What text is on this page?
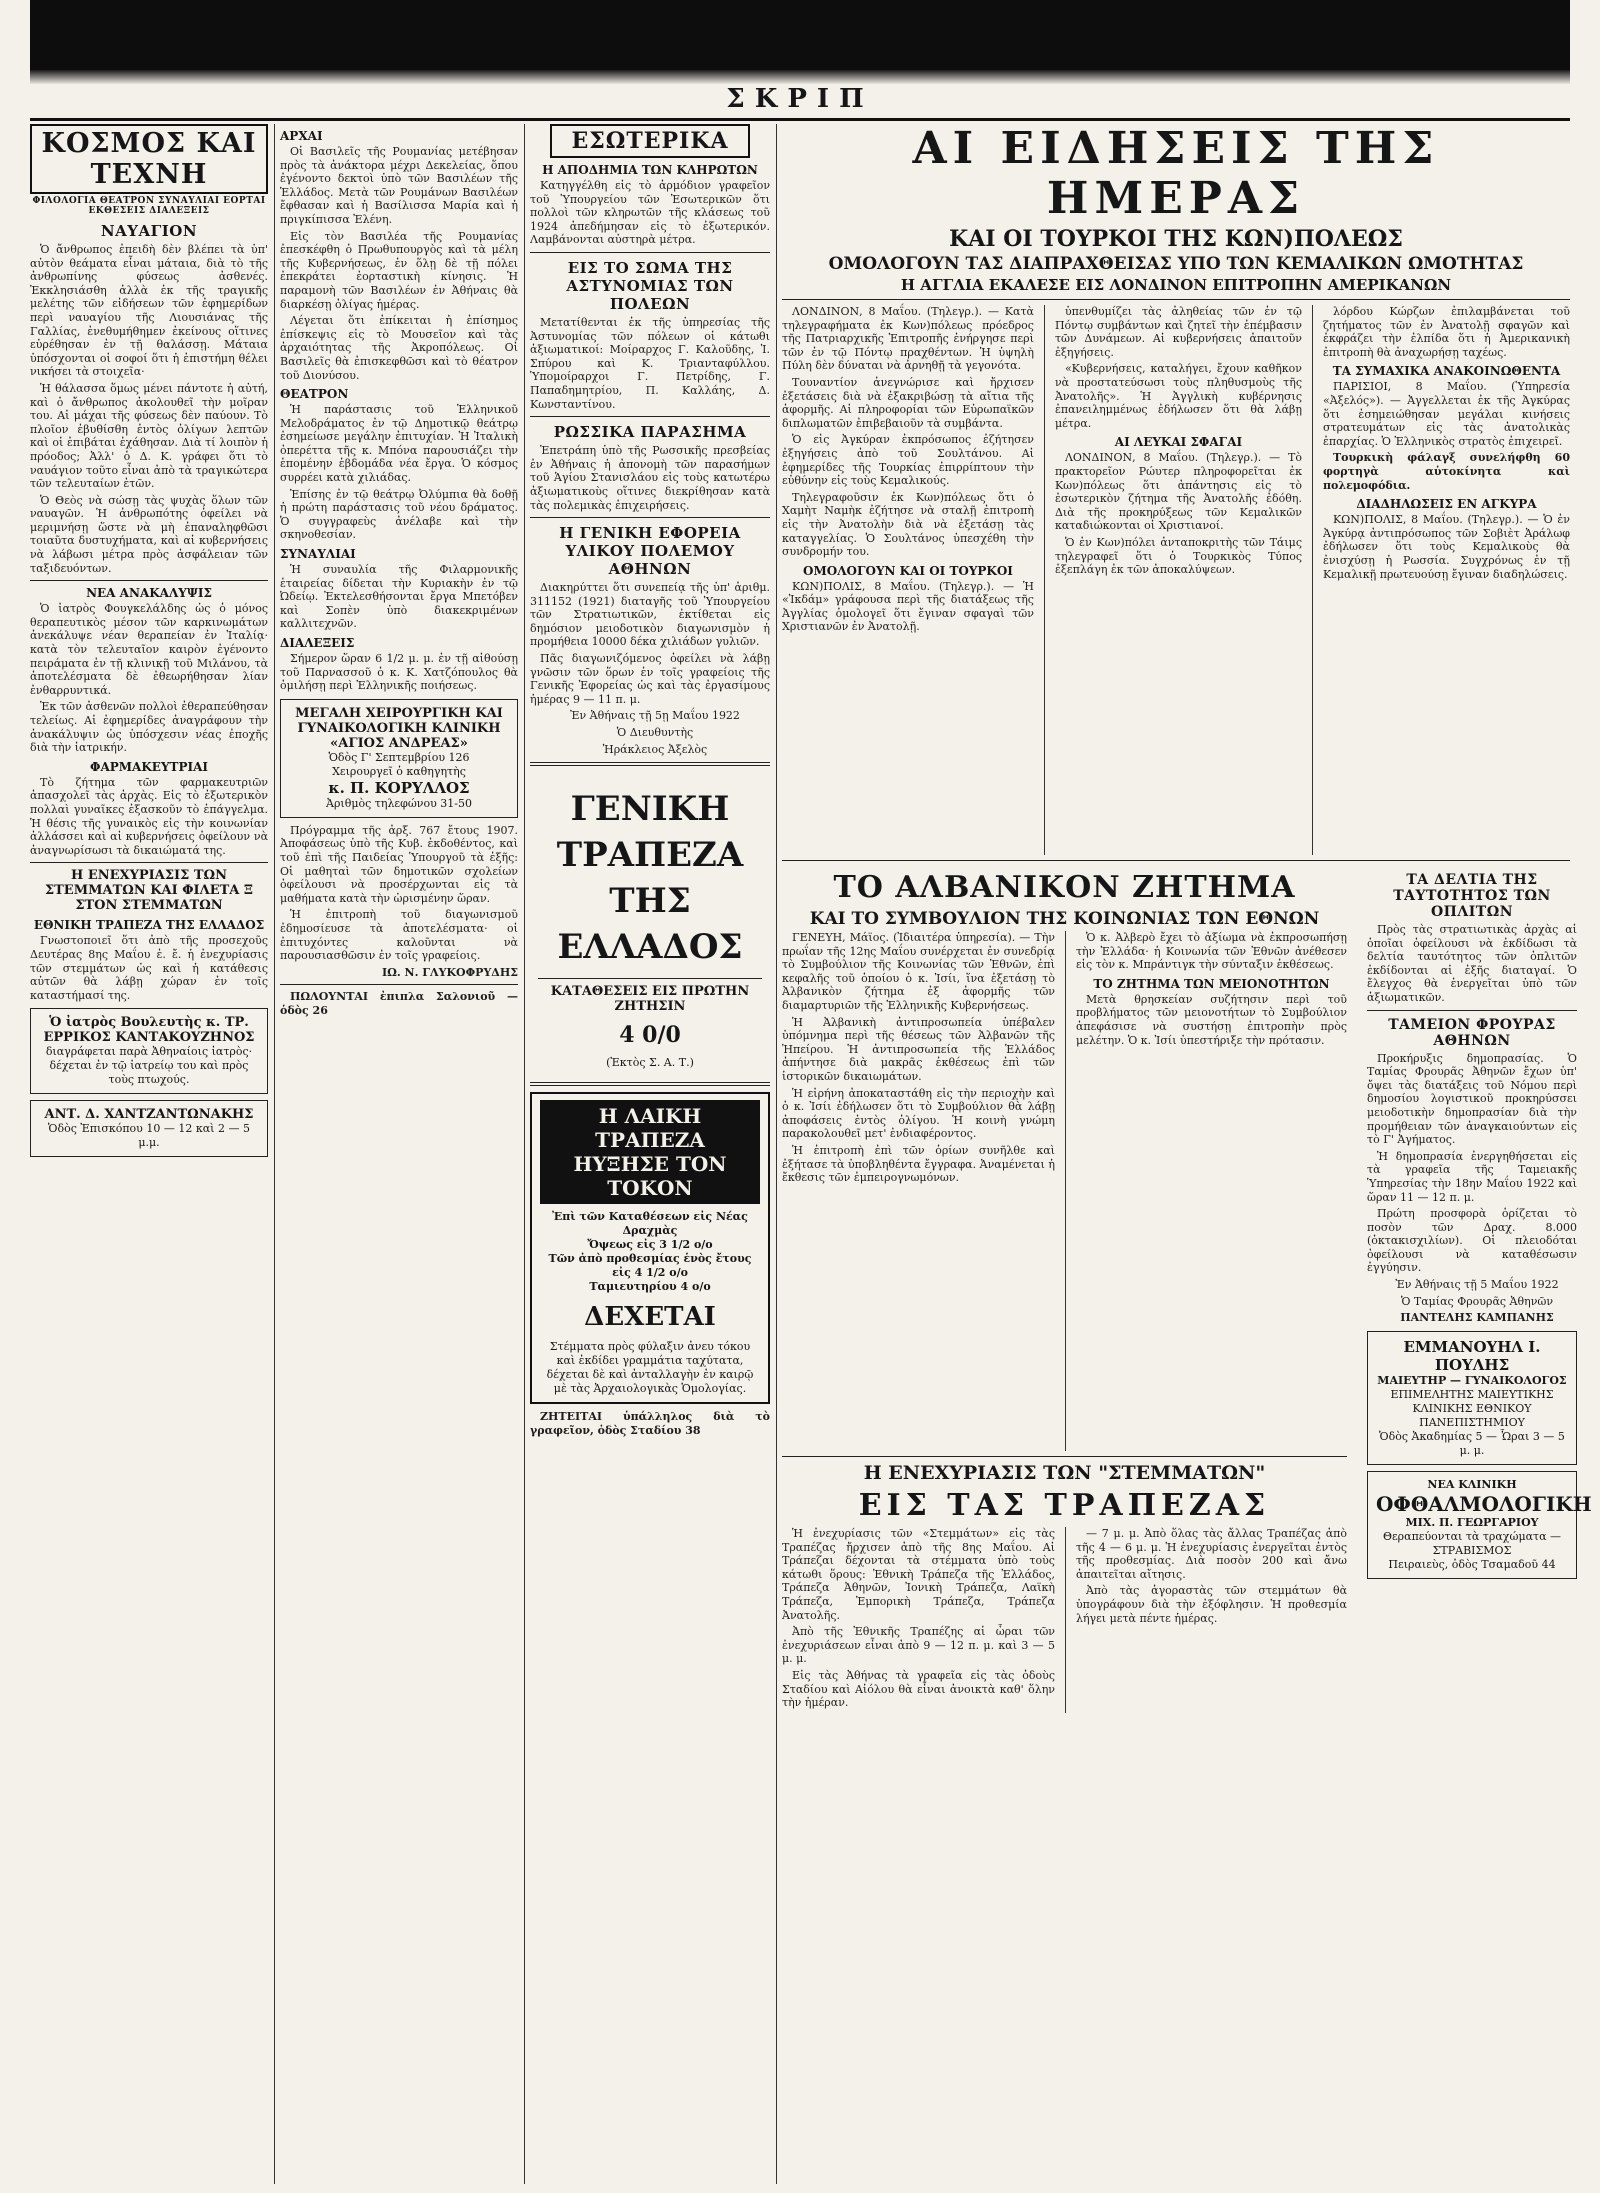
ΣΚΡΙΠ
ΚΟΣΜΟΣ ΚΑΙ ΤΕΧΝΗ
ΦΙΛΟΛΟΓΙΑ ΘΕΑΤΡΟΝ ΣΥΝΑΥΛΙΑΙ ΕΟΡΤΑΙ ΕΚΘΕΣΕΙΣ ΔΙΑΛΕΞΕΙΣ
ΝΑΥΑΓΙΟΝ

Ὁ ἄνθρωπος ἐπειδὴ δὲν βλέπει τὰ ὑπ' αὐτὸν θεάματα εἶναι μάταια, διὰ τὸ τῆς ἀνθρωπίνης φύσεως ἀσθενές. Ἐκκλησιάσθη ἀλλὰ ἐκ τῆς τραγικῆς μελέτης τῶν εἰδήσεων τῶν ἐφημερίδων περὶ ναυαγίου τῆς Λιουσιάνας τῆς Γαλλίας, ἐνεθυμήθημεν ἐκείνους οἵτινες εὑρέθησαν ἐν τῇ θαλάσσῃ. Μάταια ὑπόσχονται οἱ σοφοί ὅτι ἡ ἐπιστήμη θέλει νικήσει τὰ στοιχεῖα·

Ἡ θάλασσα ὅμως μένει πάντοτε ἡ αὐτή, καὶ ὁ ἄνθρωπος ἀκολουθεῖ τὴν μοῖραν του. Αἱ μάχαι τῆς φύσεως δὲν παύουν. Τὸ πλοῖον ἐβυθίσθη ἐντὸς ὀλίγων λεπτῶν καὶ οἱ ἐπιβάται ἐχάθησαν. Διὰ τί λοιπὸν ἡ πρόοδος; Ἀλλ' ὁ Δ. Κ. γράφει ὅτι τὸ ναυάγιον τοῦτο εἶναι ἀπὸ τὰ τραγικώτερα τῶν τελευταίων ἐτῶν.

Ὁ Θεὸς νὰ σώσῃ τὰς ψυχὰς ὅλων τῶν ναυαγῶν. Ἡ ἀνθρωπότης ὀφείλει νὰ μεριμνήσῃ ὥστε νὰ μὴ ἐπαναληφθῶσι τοιαῦτα δυστυχήματα, καὶ αἱ κυβερνήσεις νὰ λάβωσι μέτρα πρὸς ἀσφάλειαν τῶν ταξιδευόντων.

ΝΕΑ ΑΝΑΚΑΛΥΨΙΣ

Ὁ ἰατρὸς Φουγκελάλδης ὡς ὁ μόνος θεραπευτικὸς μέσον τῶν καρκινωμάτων ἀνεκάλυψε νέαν θεραπείαν ἐν Ἰταλίᾳ· κατὰ τὸν τελευταῖον καιρὸν ἐγένοντο πειράματα ἐν τῇ κλινικῇ τοῦ Μιλάνου, τὰ ἀποτελέσματα δὲ ἐθεωρήθησαν λίαν ἐνθαρρυντικά.

Ἐκ τῶν ἀσθενῶν πολλοὶ ἐθεραπεύθησαν τελείως. Αἱ ἐφημερίδες ἀναγράφουν τὴν ἀνακάλυψιν ὡς ὑπόσχεσιν νέας ἐποχῆς διὰ τὴν ἰατρικήν.

ΦΑΡΜΑΚΕΥΤΡΙΑΙ

Τὸ ζήτημα τῶν φαρμακευτριῶν ἀπασχολεῖ τὰς ἀρχὰς. Εἰς τὸ ἐξωτερικὸν πολλαὶ γυναῖκες ἐξασκοῦν τὸ ἐπάγγελμα. Ἡ θέσις τῆς γυναικὸς εἰς τὴν κοινωνίαν ἀλλάσσει καὶ αἱ κυβερνήσεις ὀφείλουν νὰ ἀναγνωρίσωσι τὰ δικαιώματά της.

Η ΕΝΕΧΥΡΙΑΣΙΣ ΤΩΝ ΣΤΕΜΜΑΤΩΝ ΚΑΙ ΦΙΛΕΤΑ Ξ ΣΤΟΝ ΣΤΕΜΜΑΤΩΝ
ΕΘΝΙΚΗ ΤΡΑΠΕΖΑ ΤΗΣ ΕΛΛΑΔΟΣ

Γνωστοποιεῖ ὅτι ἀπὸ τῆς προσεχοῦς Δευτέρας 8ης Μαΐου ἐ. ἔ. ἡ ἐνεχυρίασις τῶν στεμμάτων ὡς καὶ ἡ κατάθεσις αὐτῶν θὰ λάβῃ χώραν ἐν τοῖς καταστήμασί της.

Ὁ ἰατρὸς Βουλευτὴς κ. ΤΡ. ΕΡΡΙΚΟΣ ΚΑΝΤΑΚΟΥΖΗΝΟΣ
διαγράφεται παρὰ Ἀθηναίοις ἰατρὸς· δέχεται ἐν τῷ ἰατρείῳ του καὶ πρὸς τοὺς πτωχούς.
ΑΝΤ. Δ. ΧΑΝΤΖΑΝΤΩΝΑΚΗΣ
Ὁδὸς Ἐπισκόπου 10 — 12 καὶ 2 — 5 μ.μ.
ΑΡΧΑΙ

Οἱ Βασιλεῖς τῆς Ρουμανίας μετέβησαν πρὸς τὰ ἀνάκτορα μέχρι Δεκελείας, ὅπου ἐγένοντο δεκτοὶ ὑπὸ τῶν Βασιλέων τῆς Ἑλλάδος. Μετὰ τῶν Ρουμάνων Βασιλέων ἔφθασαν καὶ ἡ Βασίλισσα Μαρία καὶ ἡ πριγκίπισσα Ἐλένη.

Εἰς τὸν Βασιλέα τῆς Ρουμανίας ἐπεσκέφθη ὁ Πρωθυπουργὸς καὶ τὰ μέλη τῆς Κυβερνήσεως, ἐν ὅλῃ δὲ τῇ πόλει ἐπεκράτει ἐορταστικὴ κίνησις. Ἡ παραμονὴ τῶν Βασιλέων ἐν Ἀθήναις θὰ διαρκέσῃ ὀλίγας ἡμέρας.

Λέγεται ὅτι ἐπίκειται ἡ ἐπίσημος ἐπίσκεψις εἰς τὸ Μουσεῖον καὶ τὰς ἀρχαιότητας τῆς Ἀκροπόλεως. Οἱ Βασιλεῖς θὰ ἐπισκεφθῶσι καὶ τὸ θέατρον τοῦ Διονύσου.

ΘΕΑΤΡΟΝ

Ἡ παράστασις τοῦ Ἑλληνικοῦ Μελοδράματος ἐν τῷ Δημοτικῷ θεάτρῳ ἐσημείωσε μεγάλην ἐπιτυχίαν. Ἡ Ἰταλικὴ ὀπερέττα τῆς κ. Μπόνα παρουσιάζει τὴν ἑπομένην ἑβδομάδα νέα ἔργα. Ὁ κόσμος συρρέει κατὰ χιλιάδας.

Ἐπίσης ἐν τῷ θεάτρῳ Ὀλύμπια θὰ δοθῇ ἡ πρώτη παράστασις τοῦ νέου δράματος. Ὁ συγγραφεὺς ἀνέλαβε καὶ τὴν σκηνοθεσίαν.

ΣΥΝΑΥΛΙΑΙ

Ἡ συναυλία τῆς Φιλαρμονικῆς ἑταιρείας δίδεται τὴν Κυριακὴν ἐν τῷ Ὠδείῳ. Ἐκτελεσθήσονται ἔργα Μπετόβεν καὶ Σοπὲν ὑπὸ διακεκριμένων καλλιτεχνῶν.

ΔΙΑΛΕΞΕΙΣ

Σήμερον ὥραν 6 1/2 μ. μ. ἐν τῇ αἰθούσῃ τοῦ Παρνασσοῦ ὁ κ. Κ. Χατζόπουλος θὰ ὁμιλήσῃ περὶ Ἑλληνικῆς ποιήσεως.

ΜΕΓΑΛΗ ΧΕΙΡΟΥΡΓΙΚΗ ΚΑΙ ΓΥΝΑΙΚΟΛΟΓΙΚΗ ΚΛΙΝΙΚΗ «ΑΓΙΟΣ ΑΝΔΡΕΑΣ»
Ὁδὸς Γ' Σεπτεμβρίου 126
Χειρουργεῖ ὁ καθηγητὴς
κ. Π. ΚΟΡΥΛΛΟΣ
Ἀριθμὸς τηλεφώνου 31-50

Πρόγραμμα τῆς ἀρξ. 767 ἔτους 1907. Ἀποφάσεως ὑπὸ τῆς Κυβ. ἐκδοθέντος, καὶ τοῦ ἐπὶ τῆς Παιδείας Ὑπουργοῦ τὰ ἐξῆς: Οἱ μαθηταὶ τῶν δημοτικῶν σχολείων ὀφείλουσι νὰ προσέρχωνται εἰς τὰ μαθήματα κατὰ τὴν ὡρισμένην ὥραν.

Ἡ ἐπιτροπὴ τοῦ διαγωνισμοῦ ἐδημοσίευσε τὰ ἀποτελέσματα· οἱ ἐπιτυχόντες καλοῦνται νὰ παρουσιασθῶσιν ἐν τοῖς γραφείοις.

ΙΩ. Ν. ΓΛΥΚΟΦΡΥΔΗΣ

ΠΩΛΟΥΝΤΑΙ ἐπιπλα Σαλονιοῦ — ὁδὸς 26

ΕΣΩΤΕΡΙΚΑ
Η ΑΠΟΔΗΜΙΑ ΤΩΝ ΚΛΗΡΩΤΩΝ

Κατηγγέλθη εἰς τὸ ἁρμόδιον γραφεῖον τοῦ Ὑπουργείου τῶν Ἐσωτερικῶν ὅτι πολλοὶ τῶν κληρωτῶν τῆς κλάσεως τοῦ 1924 ἀπεδήμησαν εἰς τὸ ἐξωτερικόν. Λαμβάνονται αὐστηρὰ μέτρα.

ΕΙΣ ΤΟ ΣΩΜΑ ΤΗΣ ΑΣΤΥΝΟΜΙΑΣ ΤΩΝ ΠΟΛΕΩΝ

Μετατίθενται ἐκ τῆς ὑπηρεσίας τῆς Ἀστυνομίας τῶν πόλεων οἱ κάτωθι ἀξιωματικοί: Μοίραρχος Γ. Καλοῦδης, Ἰ. Σπύρου καὶ Κ. Τριανταφύλλου. Ὑπομοίραρχοι Γ. Πετρίδης, Γ. Παπαδημητρίου, Π. Καλλάης, Δ. Κωνσταντίνου.

ΡΩΣΣΙΚΑ ΠΑΡΑΣΗΜΑ

Ἐπετράπη ὑπὸ τῆς Ρωσσικῆς πρεσβείας ἐν Ἀθήναις ἡ ἀπονομὴ τῶν παρασήμων τοῦ Ἁγίου Στανισλάου εἰς τοὺς κατωτέρω ἀξιωματικοὺς οἵτινες διεκρίθησαν κατὰ τὰς πολεμικὰς ἐπιχειρήσεις.

Η ΓΕΝΙΚΗ ΕΦΟΡΕΙΑ ΥΛΙΚΟΥ ΠΟΛΕΜΟΥ ΑΘΗΝΩΝ

Διακηρύττει ὅτι συνεπείᾳ τῆς ὑπ' ἀριθμ. 311152 (1921) διαταγῆς τοῦ Ὑπουργείου τῶν Στρατιωτικῶν, ἐκτίθεται εἰς δημόσιον μειοδοτικὸν διαγωνισμὸν ἡ προμήθεια 10000 δέκα χιλιάδων γυλιῶν.

Πᾶς διαγωνιζόμενος ὀφείλει νὰ λάβῃ γνῶσιν τῶν ὅρων ἐν τοῖς γραφείοις τῆς Γενικῆς Ἐφορείας ὡς καὶ τὰς ἐργασίμους ἡμέρας 9 — 11 π. μ.

Ἐν Ἀθήναις τῇ 5ῃ Μαΐου 1922

Ὁ Διευθυντὴς

Ἡράκλειος Ἀξελὸς

ΓΕΝΙΚΗ ΤΡΑΠΕΖΑ ΤΗΣ ΕΛΛΑΔΟΣ
ΚΑΤΑΘΕΣΕΙΣ ΕΙΣ ΠΡΩΤΗΝ ΖΗΤΗΣΙΝ
4 0/0
(Ἐκτὸς Σ. Α. Τ.)
Η ΛΑΙΚΗ ΤΡΑΠΕΖΑ ΗΥΞΗΣΕ ΤΟΝ ΤΟΚΟΝ
Ἐπὶ τῶν Καταθέσεων εἰς Νέας Δραχμὰς
Ὄψεως εἰς 3 1/2 ο/ο
Τῶν ἀπὸ προθεσμίας ἑνὸς ἔτους εἰς 4 1/2 ο/ο
Ταμιευτηρίου 4 ο/ο
ΔΕΧΕΤΑΙ
Στέμματα πρὸς φύλαξιν ἀνευ τόκου καὶ ἐκδίδει γραμμάτια ταχύτατα, δέχεται δὲ καὶ ἀνταλλαγὴν ἐν καιρῷ μὲ τὰς Ἀρχαιολογικὰς Ὁμολογίας.

ΖΗΤΕΙΤΑΙ ὑπάλληλος διὰ τὸ γραφεῖον, ὁδὸς Σταδίου 38

ΑΙ ΕΙΔΗΣΕΙΣ ΤΗΣ ΗΜΕΡΑΣ
ΚΑΙ ΟΙ ΤΟΥΡΚΟΙ ΤΗΣ ΚΩΝ)ΠΟΛΕΩΣ
ΟΜΟΛΟΓΟΥΝ ΤΑΣ ΔΙΑΠΡΑΧΘΕΙΣΑΣ ΥΠΟ ΤΩΝ ΚΕΜΑΛΙΚΩΝ ΩΜΟΤΗΤΑΣ
Η ΑΓΓΛΙΑ ΕΚΑΛΕΣΕ ΕΙΣ ΛΟΝΔΙΝΟΝ ΕΠΙΤΡΟΠΗΝ ΑΜΕΡΙΚΑΝΩΝ

ΛΟΝΔΙΝΟΝ, 8 Μαΐου. (Τηλεγρ.). — Κατὰ τηλεγραφήματα ἐκ Κων)πόλεως πρόεδρος τῆς Πατριαρχικῆς Ἐπιτροπῆς ἐνήργησε περὶ τῶν ἐν τῷ Πόντῳ πραχθέντων. Ἡ ὑψηλὴ Πύλη δὲν δύναται νὰ ἀρνηθῇ τὰ γεγονότα.

Τουναντίον ἀνεγνώρισε καὶ ἤρχισεν ἐξετάσεις διὰ νὰ ἐξακριβώσῃ τὰ αἴτια τῆς ἀφορμῆς. Αἱ πληροφορίαι τῶν Εὐρωπαϊκῶν διπλωματῶν ἐπιβεβαιοῦν τὰ συμβάντα.

Ὁ εἰς Ἀγκύραν ἐκπρόσωπος ἐζήτησεν ἐξηγήσεις ἀπὸ τοῦ Σουλτάνου. Αἱ ἐφημερίδες τῆς Τουρκίας ἐπιρρίπτουν τὴν εὐθύνην εἰς τοὺς Κεμαλικούς.

Τηλεγραφοῦσιν ἐκ Κων)πόλεως ὅτι ὁ Χαμὴτ Ναμὴκ ἐζήτησε νὰ σταλῇ ἐπιτροπὴ εἰς τὴν Ἀνατολὴν διὰ νὰ ἐξετάσῃ τὰς καταγγελίας. Ὁ Σουλτάνος ὑπεσχέθη τὴν συνδρομήν του.

ΟΜΟΛΟΓΟΥΝ ΚΑΙ ΟΙ ΤΟΥΡΚΟΙ

ΚΩΝ)ΠΟΛΙΣ, 8 Μαΐου. (Τηλεγρ.). — Ἡ «Ἰκδάμ» γράφουσα περὶ τῆς διατάξεως τῆς Ἀγγλίας ὁμολογεῖ ὅτι ἔγιναν σφαγαὶ τῶν Χριστιανῶν ἐν Ἀνατολῇ.

ὑπενθυμίζει τὰς ἀληθείας τῶν ἐν τῷ Πόντῳ συμβάντων καὶ ζητεῖ τὴν ἐπέμβασιν τῶν Δυνάμεων. Αἱ κυβερνήσεις ἀπαιτοῦν ἐξηγήσεις.

«Κυβερνήσεις, καταλήγει, ἔχουν καθῆκον νὰ προστατεύσωσι τοὺς πληθυσμοὺς τῆς Ἀνατολῆς». Ἡ Ἀγγλικὴ κυβέρνησις ἐπανειλημμένως ἐδήλωσεν ὅτι θὰ λάβῃ μέτρα.

ΑΙ ΛΕΥΚΑΙ ΣΦΑΓΑΙ

ΛΟΝΔΙΝΟΝ, 8 Μαΐου. (Τηλεγρ.). — Τὸ πρακτορεῖον Ρώυτερ πληροφορεῖται ἐκ Κων)πόλεως ὅτι ἀπάντησις εἰς τὸ ἐσωτερικὸν ζήτημα τῆς Ἀνατολῆς ἐδόθη. Διὰ τῆς προκηρύξεως τῶν Κεμαλικῶν καταδιώκονται οἱ Χριστιανοί.

Ὁ ἐν Κων)πόλει ἀνταποκριτὴς τῶν Τάιμς τηλεγραφεῖ ὅτι ὁ Τουρκικὸς Τύπος ἐξεπλάγη ἐκ τῶν ἀποκαλύψεων.

λόρδου Κώρζων ἐπιλαμβάνεται τοῦ ζητήματος τῶν ἐν Ἀνατολῇ σφαγῶν καὶ ἐκφράζει τὴν ἐλπίδα ὅτι ἡ Ἀμερικανικὴ ἐπιτροπὴ θὰ ἀναχωρήσῃ ταχέως.

ΤΑ ΣΥΜΑΧΙΚΑ ΑΝΑΚΟΙΝΩΘΕΝΤΑ

ΠΑΡΙΣΙΟΙ, 8 Μαΐου. (Ὑπηρεσία «Ἀξελός»). — Ἀγγελλεται ἐκ τῆς Ἀγκύρας ὅτι ἐσημειώθησαν μεγάλαι κινήσεις στρατευμάτων εἰς τὰς ἀνατολικὰς ἐπαρχίας. Ὁ Ἑλληνικὸς στρατὸς ἐπιχειρεῖ.

Τουρκικὴ φάλαγξ συνελήφθη 60 φορτηγὰ αὐτοκίνητα καὶ πολεμοφόδια.

ΔΙΑΔΗΛΩΣΕΙΣ ΕΝ ΑΓΚΥΡΑ

ΚΩΝ)ΠΟΛΙΣ, 8 Μαΐου. (Τηλεγρ.). — Ὁ ἐν Ἀγκύρᾳ ἀντιπρόσωπος τῶν Σοβιὲτ Ἀράλωφ ἐδήλωσεν ὅτι τοὺς Κεμαλικοὺς θὰ ἐνισχύσῃ ἡ Ρωσσία. Συγχρόνως ἐν τῇ Κεμαλικῇ πρωτευούσῃ ἔγιναν διαδηλώσεις.

ΤΟ ΑΛΒΑΝΙΚΟΝ ΖΗΤΗΜΑ
ΚΑΙ ΤΟ ΣΥΜΒΟΥΛΙΟΝ ΤΗΣ ΚΟΙΝΩΝΙΑΣ ΤΩΝ ΕΘΝΩΝ

ΓΕΝΕΥΗ, Μάϊος. (Ἰδιαιτέρα ὑπηρεσία). — Τὴν πρωΐαν τῆς 12ης Μαΐου συνέρχεται ἐν συνεδρίᾳ τὸ Συμβούλιον τῆς Κοινωνίας τῶν Ἐθνῶν, ἐπὶ κεφαλῆς τοῦ ὁποίου ὁ κ. Ἰσίι, ἵνα ἐξετάσῃ τὸ Ἀλβανικὸν ζήτημα ἐξ ἀφορμῆς τῶν διαμαρτυριῶν τῆς Ἑλληνικῆς Κυβερνήσεως.

Ἡ Ἀλβανικὴ ἀντιπροσωπεία ὑπέβαλεν ὑπόμνημα περὶ τῆς θέσεως τῶν Ἀλβανῶν τῆς Ἠπείρου. Ἡ ἀντιπροσωπεία τῆς Ἑλλάδος ἀπήντησε διὰ μακρᾶς ἐκθέσεως ἐπὶ τῶν ἱστορικῶν δικαιωμάτων.

Ἡ εἰρήνη ἀποκαταστάθη εἰς τὴν περιοχὴν καὶ ὁ κ. Ἰσίι ἐδήλωσεν ὅτι τὸ Συμβούλιον θὰ λάβῃ ἀποφάσεις ἐντὸς ὀλίγου. Ἡ κοινὴ γνώμη παρακολουθεῖ μετ' ἐνδιαφέροντος.

Ἡ ἐπιτροπὴ ἐπὶ τῶν ὁρίων συνῆλθε καὶ ἐξήτασε τὰ ὑποβληθέντα ἔγγραφα. Ἀναμένεται ἡ ἔκθεσις τῶν ἐμπειρογνωμόνων.

Ὁ κ. Ἀλβερὸ ἔχει τὸ ἀξίωμα νὰ ἐκπροσωπήσῃ τὴν Ἑλλάδα· ἡ Κοινωνία τῶν Ἐθνῶν ἀνέθεσεν εἰς τὸν κ. Μπράντιγκ τὴν σύνταξιν ἐκθέσεως.

ΤΟ ΖΗΤΗΜΑ ΤΩΝ ΜΕΙΟΝΟΤΗΤΩΝ

Μετὰ θρησκείαν συζήτησιν περὶ τοῦ προβλήματος τῶν μειονοτήτων τὸ Συμβούλιον ἀπεφάσισε νὰ συστήσῃ ἐπιτροπὴν πρὸς μελέτην. Ὁ κ. Ἰσίι ὑπεστήριξε τὴν πρότασιν.

Η ΕΝΕΧΥΡΙΑΣΙΣ ΤΩΝ "ΣΤΕΜΜΑΤΩΝ"
ΕΙΣ ΤΑΣ ΤΡΑΠΕΖΑΣ

Ἡ ἐνεχυρίασις τῶν «Στεμμάτων» εἰς τὰς Τραπέζας ἤρχισεν ἀπὸ τῆς 8ης Μαΐου. Αἱ Τράπεζαι δέχονται τὰ στέμματα ὑπὸ τοὺς κάτωθι ὅρους: Ἐθνικὴ Τράπεζα τῆς Ἑλλάδος, Τράπεζα Ἀθηνῶν, Ἰονικὴ Τράπεζα, Λαϊκὴ Τράπεζα, Ἐμπορικὴ Τράπεζα, Τράπεζα Ἀνατολῆς.

Ἀπὸ τῆς Ἐθνικῆς Τραπέζης αἱ ὧραι τῶν ἐνεχυριάσεων εἶναι ἀπὸ 9 — 12 π. μ. καὶ 3 — 5 μ. μ.

Εἰς τὰς Ἀθήνας τὰ γραφεῖα εἰς τὰς ὁδοὺς Σταδίου καὶ Αἰόλου θὰ εἶναι ἀνοικτὰ καθ' ὅλην τὴν ἡμέραν.

— 7 μ. μ. Ἀπὸ ὅλας τὰς ἄλλας Τραπέζας ἀπὸ τῆς 4 — 6 μ. μ. Ἡ ἐνεχυρίασις ἐνεργεῖται ἐντὸς τῆς προθεσμίας. Διὰ ποσὸν 200 καὶ ἄνω ἀπαιτεῖται αἴτησις.

Ἀπὸ τὰς ἀγοραστὰς τῶν στεμμάτων θὰ ὑπογράφουν διὰ τὴν ἐξόφλησιν. Ἡ προθεσμία λήγει μετὰ πέντε ἡμέρας.

ΤΑ ΔΕΛΤΙΑ ΤΗΣ ΤΑΥΤΟΤΗΤΟΣ ΤΩΝ ΟΠΛΙΤΩΝ

Πρὸς τὰς στρατιωτικὰς ἀρχὰς αἱ ὁποῖαι ὀφείλουσι νὰ ἐκδίδωσι τὰ δελτία ταυτότητος τῶν ὁπλιτῶν ἐκδίδονται αἱ ἐξῆς διαταγαί. Ὁ ἔλεγχος θὰ ἐνεργεῖται ὑπὸ τῶν ἀξιωματικῶν.

ΤΑΜΕΙΟΝ ΦΡΟΥΡΑΣ ΑΘΗΝΩΝ

Προκήρυξις δημοπρασίας. Ὁ Ταμίας Φρουρᾶς Ἀθηνῶν ἔχων ὑπ' ὄψει τὰς διατάξεις τοῦ Νόμου περὶ δημοσίου λογιστικοῦ προκηρύσσει μειοδοτικὴν δημοπρασίαν διὰ τὴν προμήθειαν τῶν ἀναγκαιούντων εἰς τὸ Γ' Ἀγήματος.

Ἡ δημοπρασία ἐνεργηθήσεται εἰς τὰ γραφεῖα τῆς Ταμειακῆς Ὑπηρεσίας τὴν 18ην Μαΐου 1922 καὶ ὥραν 11 — 12 π. μ.

Πρώτη προσφορὰ ὁρίζεται τὸ ποσὸν τῶν Δραχ. 8.000 (ὀκτακισχιλίων). Οἱ πλειοδόται ὀφείλουσι νὰ καταθέσωσιν ἐγγύησιν.

Ἐν Ἀθήναις τῇ 5 Μαΐου 1922

Ὁ Ταμίας Φρουρᾶς Ἀθηνῶν

ΠΑΝΤΕΛΗΣ ΚΑΜΠΑΝΗΣ

ΕΜΜΑΝΟΥΗΛ Ι. ΠΟΥΛΗΣ
ΜΑΙΕΥΤΗΡ — ΓΥΝΑΙΚΟΛΟΓΟΣ
ΕΠΙΜΕΛΗΤΗΣ ΜΑΙΕΥΤΙΚΗΣ ΚΛΙΝΙΚΗΣ ΕΘΝΙΚΟΥ ΠΑΝΕΠΙΣΤΗΜΙΟΥ
Ὁδὸς Ἀκαδημίας 5 — Ὧραι 3 — 5 μ. μ.
ΝΕΑ ΚΛΙΝΙΚΗ
ΟΦΘΑΛΜΟΛΟΓΙΚΗ
ΜΙΧ. Π. ΓΕΩΡΓΑΡΙΟΥ
Θεραπεύονται τὰ τραχώματα — ΣΤΡΑΒΙΣΜΟΣ
Πειραιεὺς, ὁδὸς Τσαμαδοῦ 44
